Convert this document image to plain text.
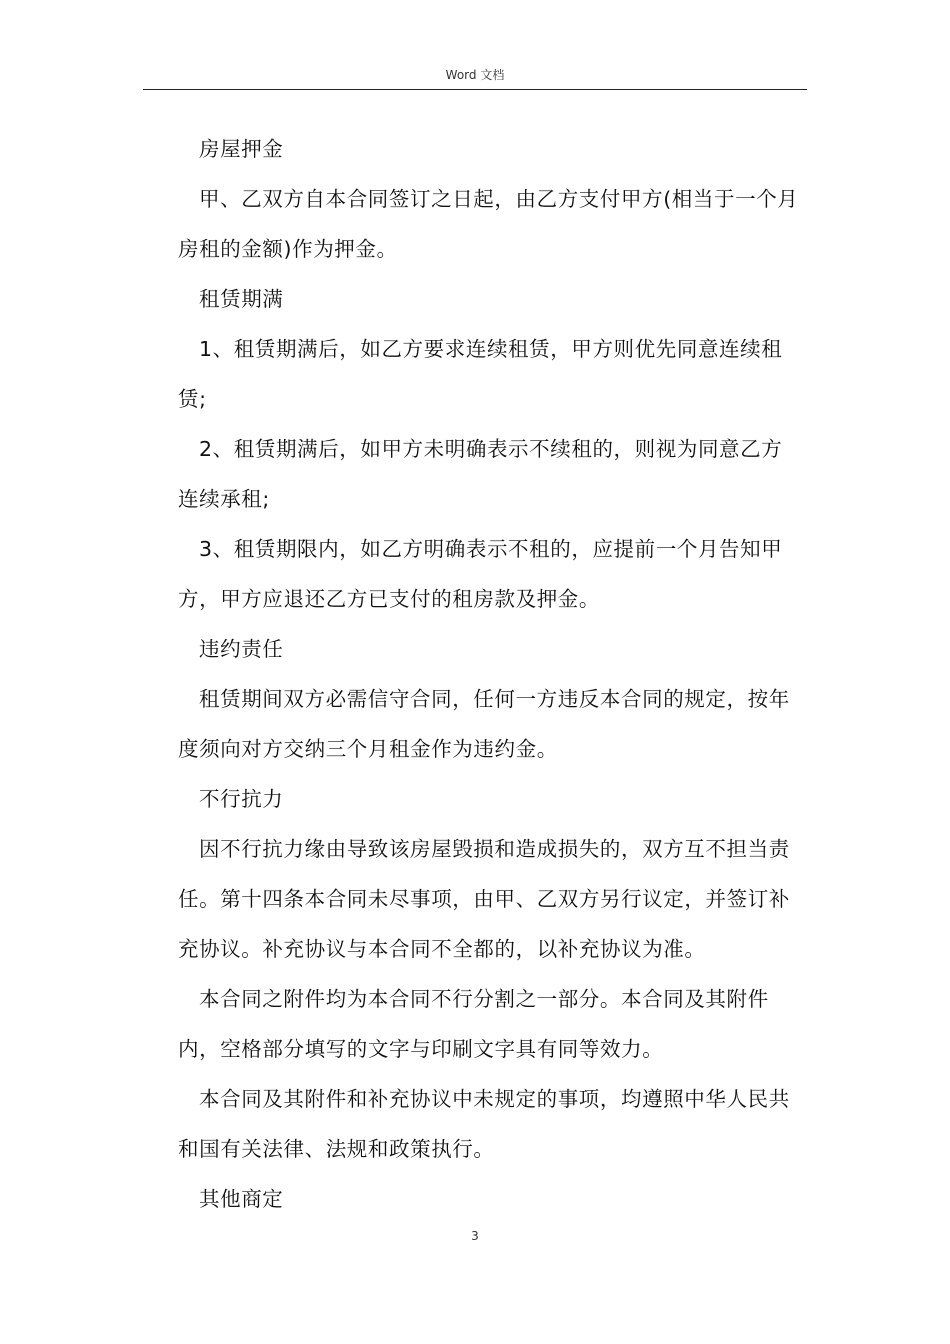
Word 文档

房屋押金

甲、乙双方自本合同签订之日起，由乙方支付甲方(相当于一个月房租的金额)作为押金。

租赁期满

1、租赁期满后，如乙方要求连续租赁，甲方则优先同意连续租赁;

2、租赁期满后，如甲方未明确表示不续租的，则视为同意乙方连续承租;

3、租赁期限内，如乙方明确表示不租的，应提前一个月告知甲方，甲方应退还乙方已支付的租房款及押金。

违约责任

租赁期间双方必需信守合同，任何一方违反本合同的规定，按年度须向对方交纳三个月租金作为违约金。

不行抗力

因不行抗力缘由导致该房屋毁损和造成损失的，双方互不担当责任。第十四条本合同未尽事项，由甲、乙双方另行议定，并签订补充协议。补充协议与本合同不全都的，以补充协议为准。

本合同之附件均为本合同不行分割之一部分。本合同及其附件内，空格部分填写的文字与印刷文字具有同等效力。

本合同及其附件和补充协议中未规定的事项，均遵照中华人民共和国有关法律、法规和政策执行。

其他商定

3
